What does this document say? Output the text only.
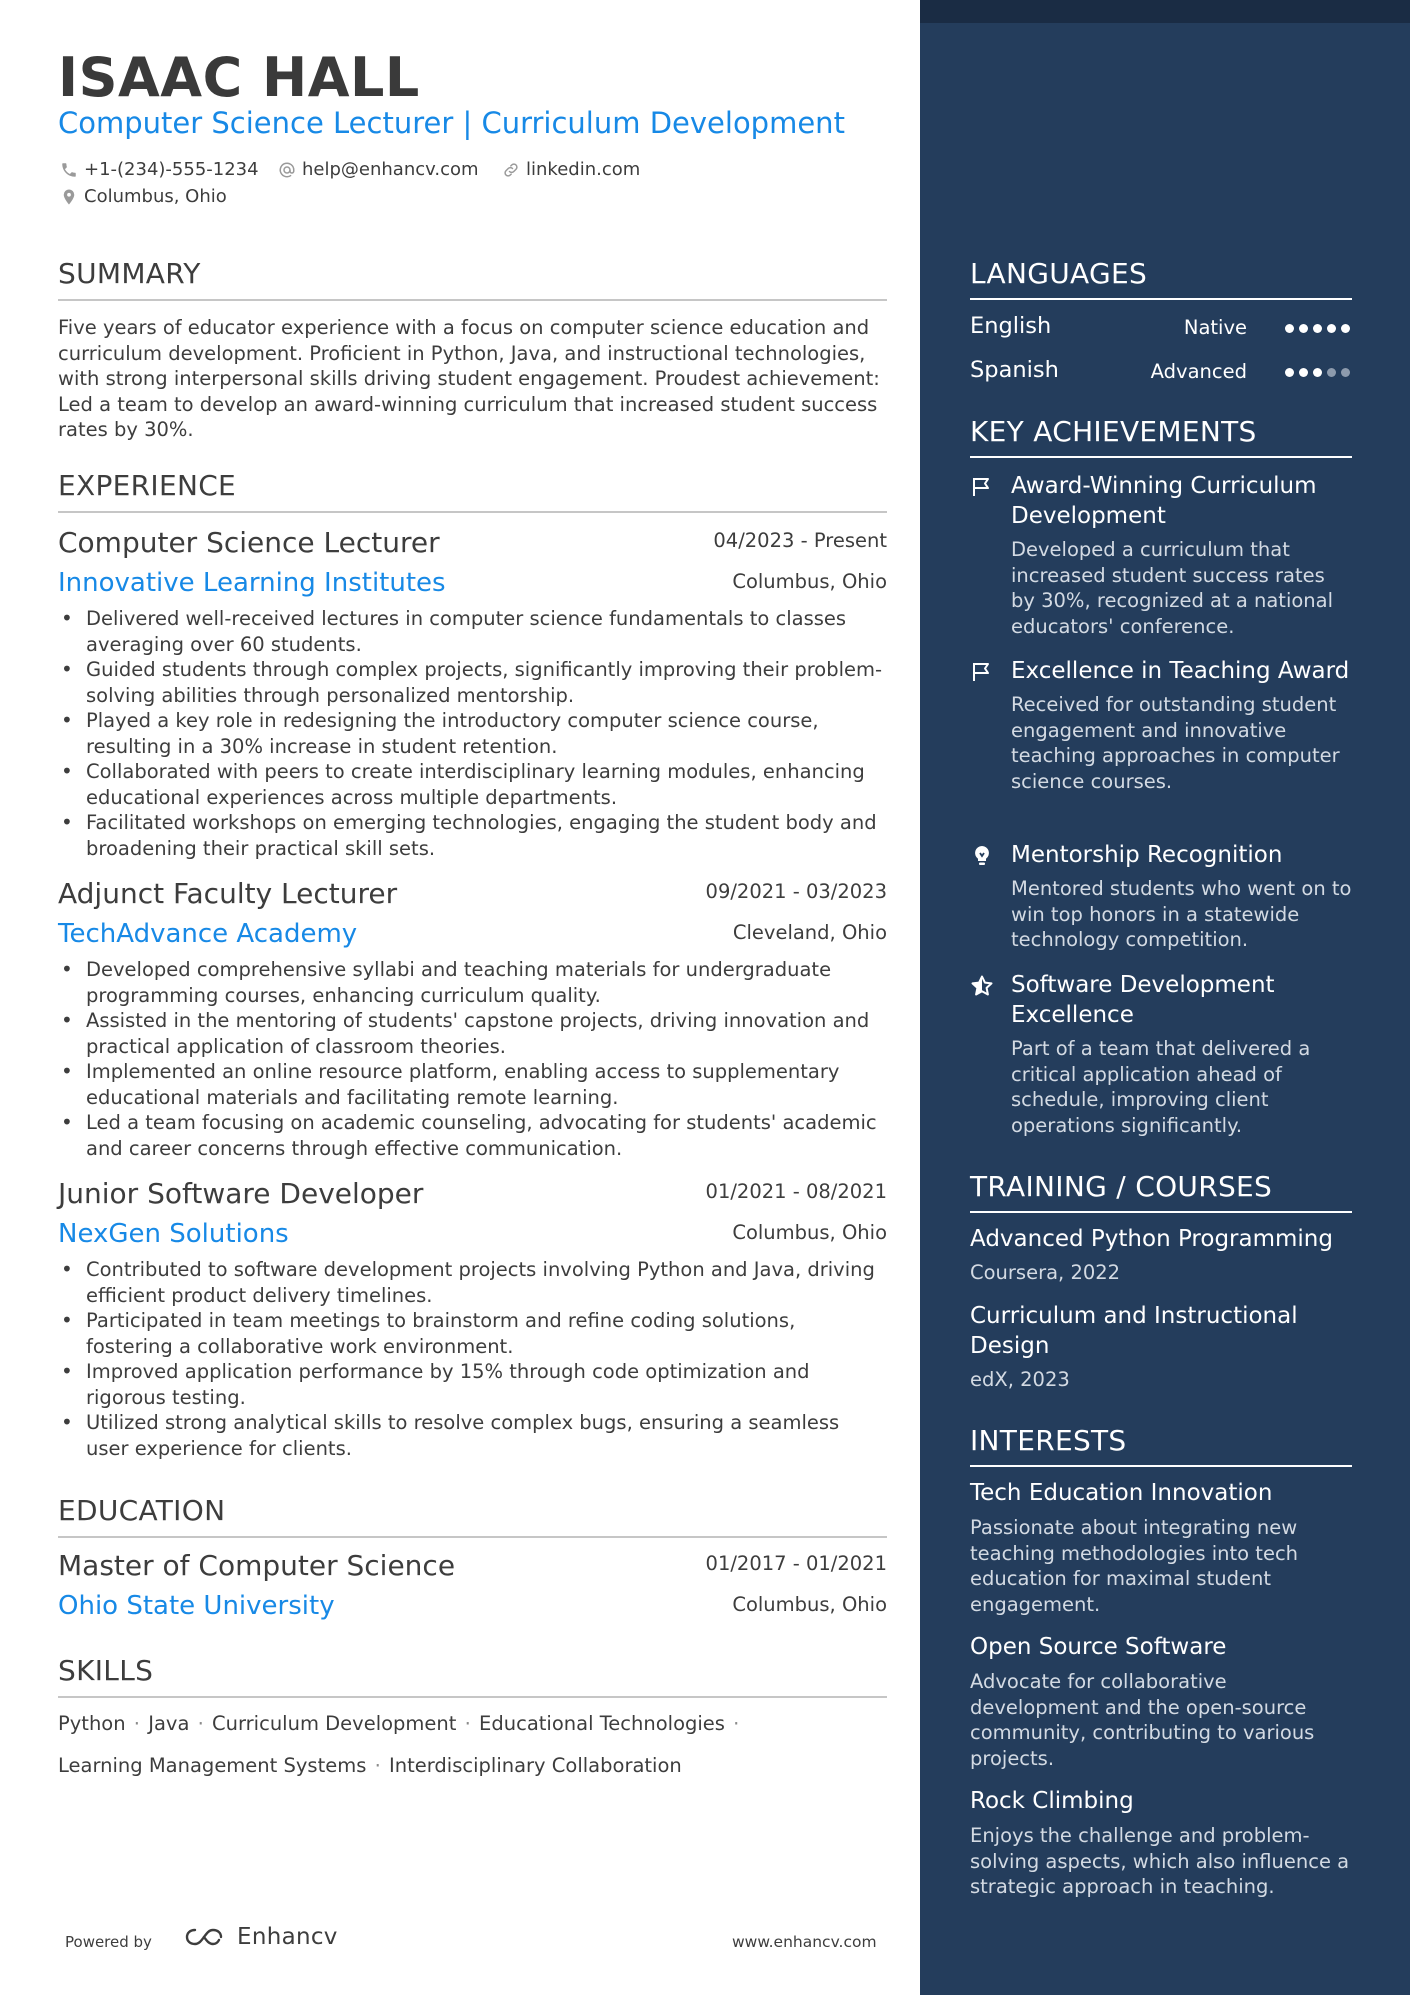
ISAAC HALL
Computer Science Lecturer | Curriculum Development
+1-(234)-555-1234 help@enhancv.com	linkedin.com
Columbus, Ohio
SUMMARY
Five years of educator experience with a focus on computer science education and curriculum development. Proficient in Python, Java, and instructional technologies, with strong interpersonal skills driving student engagement. Proudest achievement: Led a team to develop an award-winning curriculum that increased student success rates by 30%.
EXPERIENCE
Computer Science Lecturer	04/2023 - Present
Innovative Learning Institutes	Columbus, Ohio
• Delivered well-received lectures in computer science fundamentals to classes averaging over 60 students.
• Guided students through complex projects, significantly improving their problem-solving abilities through personalized mentorship.
• Played a key role in redesigning the introductory computer science course, resulting in a 30% increase in student retention.
• Collaborated with peers to create interdisciplinary learning modules, enhancing educational experiences across multiple departments.
• Facilitated workshops on emerging technologies, engaging the student body and broadening their practical skill sets.
Adjunct Faculty Lecturer	09/2021 - 03/2023
TechAdvance Academy	Cleveland, Ohio
• Developed comprehensive syllabi and teaching materials for undergraduate programming courses, enhancing curriculum quality.
• Assisted in the mentoring of students' capstone projects, driving innovation and practical application of classroom theories.
• Implemented an online resource platform, enabling access to supplementary educational materials and facilitating remote learning.
• Led a team focusing on academic counseling, advocating for students' academic and career concerns through effective communication.
Junior Software Developer	01/2021 - 08/2021
NexGen Solutions	Columbus, Ohio
• Contributed to software development projects involving Python and Java, driving efficient product delivery timelines.
• Participated in team meetings to brainstorm and refine coding solutions, fostering a collaborative work environment.
• Improved application performance by 15% through code optimization and rigorous testing.
• Utilized strong analytical skills to resolve complex bugs, ensuring a seamless user experience for clients.
EDUCATION
Master of Computer Science	01/2017 - 01/2021
Ohio State University	Columbus, Ohio
SKILLS
Python · Java · Curriculum Development · Educational Technologies ·
Learning Management Systems · Interdisciplinary Collaboration
Powered by	Enhancv	www.enhancv.com
LANGUAGES
English	Native
Spanish	Advanced
KEY ACHIEVEMENTS
Award-Winning Curriculum Development
Developed a curriculum that increased student success rates by 30%, recognized at a national educators' conference.
Excellence in Teaching Award
Received for outstanding student engagement and innovative teaching approaches in computer science courses.
Mentorship Recognition
Mentored students who went on to win top honors in a statewide technology competition.
Software Development Excellence
Part of a team that delivered a critical application ahead of schedule, improving client operations significantly.
TRAINING / COURSES
Advanced Python Programming
Coursera, 2022
Curriculum and Instructional Design
edX, 2023
INTERESTS
Tech Education Innovation
Passionate about integrating new teaching methodologies into tech education for maximal student engagement.
Open Source Software
Advocate for collaborative development and the open-source community, contributing to various projects.
Rock Climbing
Enjoys the challenge and problem-solving aspects, which also influence a strategic approach in teaching.
